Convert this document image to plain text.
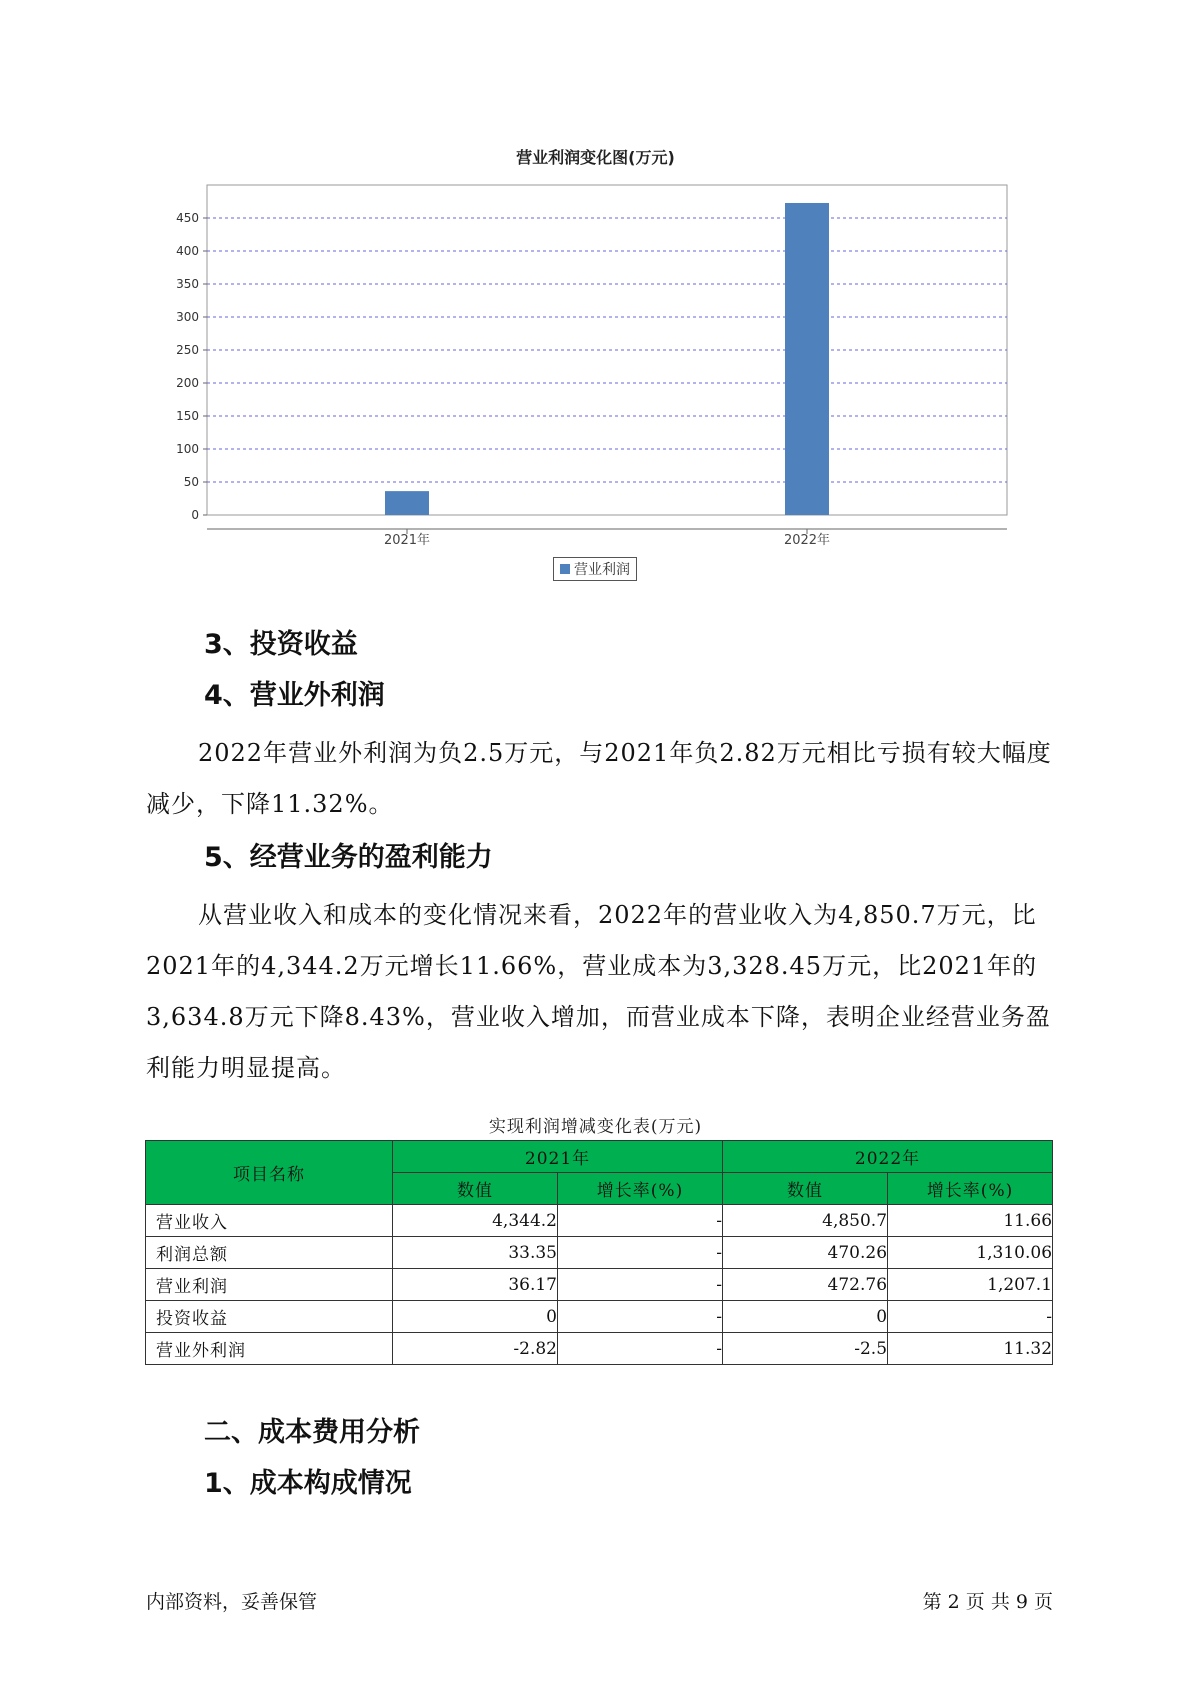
营业利润变化图(万元)
0
50
100
150
200
250
300
350
400
450
2021年	2022年
营业利润
3、投资收益
4、营业外利润

2022年营业外利润为负2.5万元，与2021年负2.82万元相比亏损有较大幅度减少，下降11.32%。

5、经营业务的盈利能力

从营业收入和成本的变化情况来看，2022年的营业收入为4,850.7万元，比2021年的4,344.2万元增长11.66%，营业成本为3,328.45万元，比2021年的3,634.8万元下降8.43%，营业收入增加，而营业成本下降，表明企业经营业务盈利能力明显提高。

实现利润增减变化表(万元)
项目名称	2021年		2022年	
	数值	增长率(%)	数值	增长率(%)
营业收入	4,344.2	-	4,850.7	11.66
利润总额	33.35	-	470.26	1,310.06
营业利润	36.17	-	472.76	1,207.1
投资收益	0	-	0	-
营业外利润	-2.82	-	-2.5	11.32
二、成本费用分析
1、成本构成情况
内部资料，妥善保管	第 2 页 共 9 页
